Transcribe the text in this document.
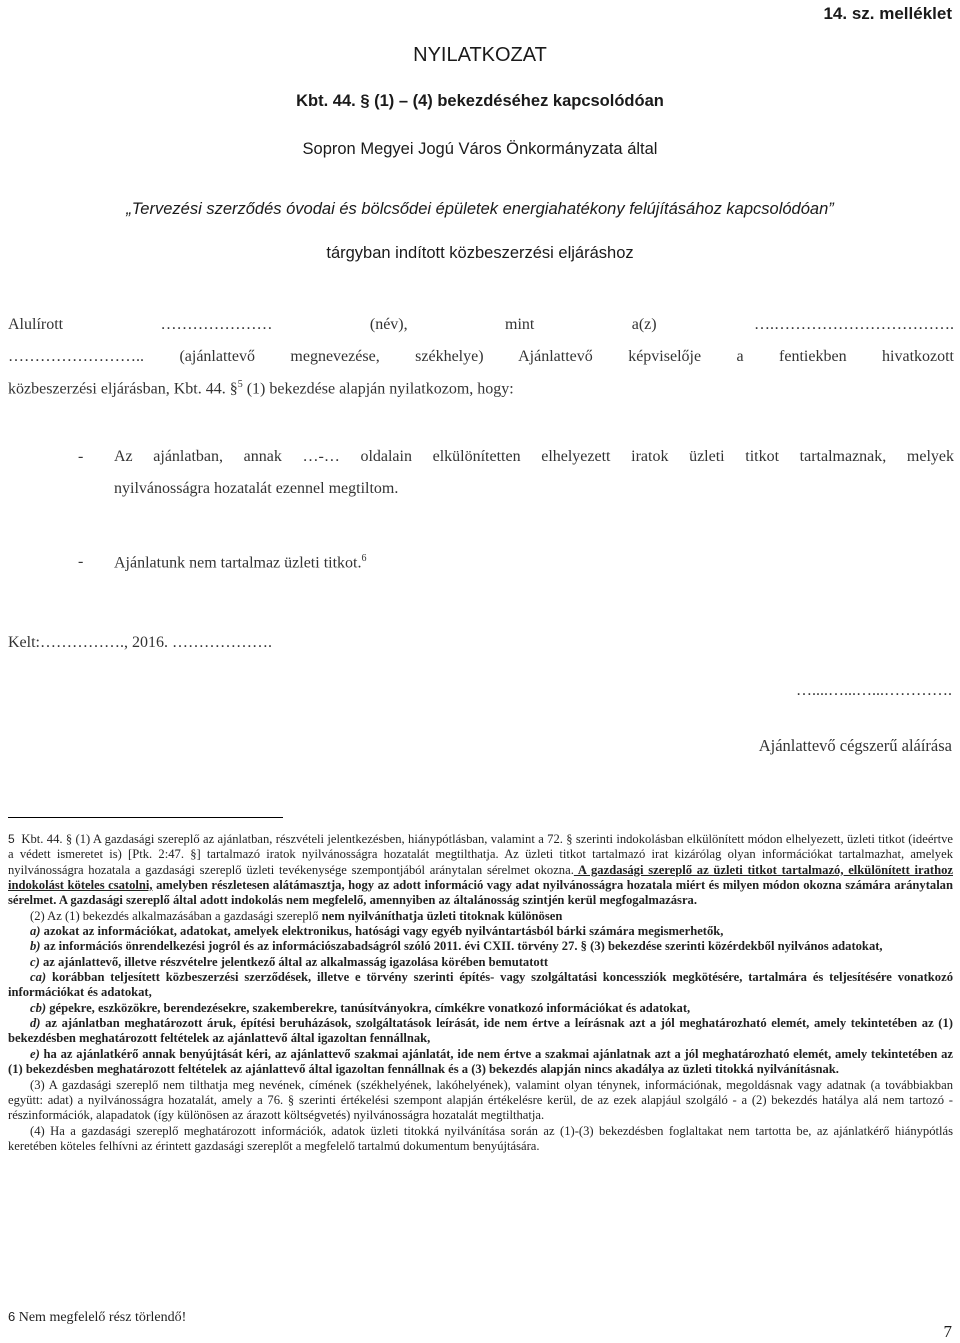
14. sz. melléklet
NYILATKOZAT
Kbt. 44. § (1) – (4) bekezdéséhez kapcsolódóan
Sopron Megyei Jogú Város Önkormányzata által
„Tervezési szerződés óvodai és bölcsődei épületek energiahatékony felújításához kapcsolódóan”
tárgyban indított közbeszerzési eljáráshoz
Alulírott	…………………	(név),	mint	a(z)	….…………………………….
…………………….. (ajánlattevő megnevezése, székhelye) Ajánlattevő képviselője a fentiekben hivatkozott
közbeszerzési eljárásban, Kbt. 44. §$^5$ (1) bekezdése alapján nyilatkozom, hogy:
- Az ajánlatban, annak …-… oldalain elkülönítetten elhelyezett iratok üzleti titkot tartalmaznak, melyek
nyilvánosságra hozatalát ezennel megtiltom.
- Ajánlatunk nem tartalmaz üzleti titkot.$^6$
Kelt:……………., 2016. ……………….
…....…...…...………….
Ajánlattevő cégszerű aláírása

5 Kbt. 44. § (1) A gazdasági szereplő az ajánlatban, részvételi jelentkezésben, hiánypótlásban, valamint a 72. § szerinti indokolásban elkülönített módon elhelyezett, üzleti titkot (ideértve a védett ismeretet is) [Ptk. 2:47. §] tartalmazó iratok nyilvánosságra hozatalát megtilthatja. Az üzleti titkot tartalmazó irat kizárólag olyan információkat tartalmazhat, amelyek nyilvánosságra hozatala a gazdasági szereplő üzleti tevékenysége szempontjából aránytalan sérelmet okozna. A gazdasági szereplő az üzleti titkot tartalmazó, elkülönített irathoz indokolást köteles csatolni, amelyben részletesen alátámasztja, hogy az adott információ vagy adat nyilvánosságra hozatala miért és milyen módon okozna számára aránytalan sérelmet. A gazdasági szereplő által adott indokolás nem megfelelő, amennyiben az általánosság szintjén kerül megfogalmazásra.

(2) Az (1) bekezdés alkalmazásában a gazdasági szereplő nem nyilváníthatja üzleti titoknak különösen

a) azokat az információkat, adatokat, amelyek elektronikus, hatósági vagy egyéb nyilvántartásból bárki számára megismerhetők,

b) az információs önrendelkezési jogról és az információszabadságról szóló 2011. évi CXII. törvény 27. § (3) bekezdése szerinti közérdekből nyilvános adatokat,

c) az ajánlattevő, illetve részvételre jelentkező által az alkalmasság igazolása körében bemutatott

ca) korábban teljesített közbeszerzési szerződések, illetve e törvény szerinti építés- vagy szolgáltatási koncessziók megkötésére, tartalmára és teljesítésére vonatkozó információkat és adatokat,

cb) gépekre, eszközökre, berendezésekre, szakemberekre, tanúsítványokra, címkékre vonatkozó információkat és adatokat,

d) az ajánlatban meghatározott áruk, építési beruházások, szolgáltatások leírását, ide nem értve a leírásnak azt a jól meghatározható elemét, amely tekintetében az (1) bekezdésben meghatározott feltételek az ajánlattevő által igazoltan fennállnak,

e) ha az ajánlatkérő annak benyújtását kéri, az ajánlattevő szakmai ajánlatát, ide nem értve a szakmai ajánlatnak azt a jól meghatározható elemét, amely tekintetében az (1) bekezdésben meghatározott feltételek az ajánlattevő által igazoltan fennállnak és a (3) bekezdés alapján nincs akadálya az üzleti titokká nyilvánításnak.

(3) A gazdasági szereplő nem tilthatja meg nevének, címének (székhelyének, lakóhelyének), valamint olyan ténynek, információnak, megoldásnak vagy adatnak (a továbbiakban együtt: adat) a nyilvánosságra hozatalát, amely a 76. § szerinti értékelési szempont alapján értékelésre kerül, de az ezek alapjául szolgáló - a (2) bekezdés hatálya alá nem tartozó - részinformációk, alapadatok (így különösen az árazott költségvetés) nyilvánosságra hozatalát megtilthatja.

(4) Ha a gazdasági szereplő meghatározott információk, adatok üzleti titokká nyilvánítása során az (1)-(3) bekezdésben foglaltakat nem tartotta be, az ajánlatkérő hiánypótlás keretében köteles felhívni az érintett gazdasági szereplőt a megfelelő tartalmú dokumentum benyújtására.

6 Nem megfelelő rész törlendő!
7
